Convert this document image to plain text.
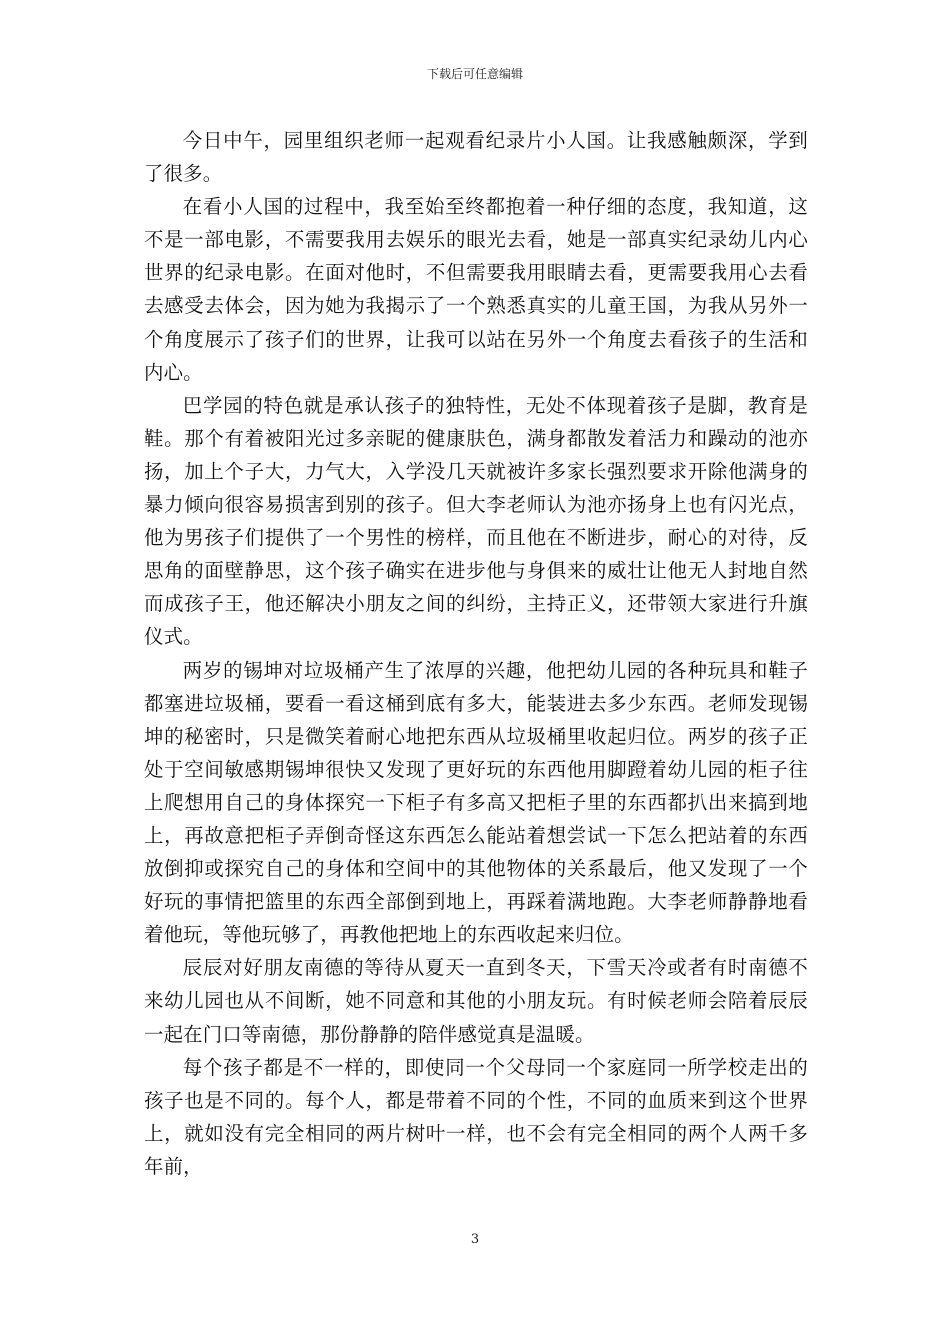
下载后可任意编辑

今日中午，园里组织老师一起观看纪录片小人国。让我感触颇深，学到了很多。

在看小人国的过程中，我至始至终都抱着一种仔细的态度，我知道，这不是一部电影，不需要我用去娱乐的眼光去看，她是一部真实纪录幼儿内心世界的纪录电影。在面对他时，不但需要我用眼睛去看，更需要我用心去看去感受去体会，因为她为我揭示了一个熟悉真实的儿童王国，为我从另外一个角度展示了孩子们的世界，让我可以站在另外一个角度去看孩子的生活和内心。

巴学园的特色就是承认孩子的独特性，无处不体现着孩子是脚，教育是鞋。那个有着被阳光过多亲昵的健康肤色，满身都散发着活力和躁动的池亦扬，加上个子大，力气大，入学没几天就被许多家长强烈要求开除他满身的暴力倾向很容易损害到别的孩子。但大李老师认为池亦扬身上也有闪光点，他为男孩子们提供了一个男性的榜样，而且他在不断进步，耐心的对待，反思角的面壁静思，这个孩子确实在进步他与身俱来的威壮让他无人封地自然而成孩子王，他还解决小朋友之间的纠纷，主持正义，还带领大家进行升旗仪式。

两岁的锡坤对垃圾桶产生了浓厚的兴趣，他把幼儿园的各种玩具和鞋子都塞进垃圾桶，要看一看这桶到底有多大，能装进去多少东西。老师发现锡坤的秘密时，只是微笑着耐心地把东西从垃圾桶里收起归位。两岁的孩子正处于空间敏感期锡坤很快又发现了更好玩的东西他用脚蹬着幼儿园的柜子往上爬想用自己的身体探究一下柜子有多高又把柜子里的东西都扒出来搞到地上，再故意把柜子弄倒奇怪这东西怎么能站着想尝试一下怎么把站着的东西放倒抑或探究自己的身体和空间中的其他物体的关系最后，他又发现了一个好玩的事情把篮里的东西全部倒到地上，再踩着满地跑。大李老师静静地看着他玩，等他玩够了，再教他把地上的东西收起来归位。

辰辰对好朋友南德的等待从夏天一直到冬天，下雪天冷或者有时南德不来幼儿园也从不间断，她不同意和其他的小朋友玩。有时候老师会陪着辰辰一起在门口等南德，那份静静的陪伴感觉真是温暖。

每个孩子都是不一样的，即使同一个父母同一个家庭同一所学校走出的孩子也是不同的。每个人，都是带着不同的个性，不同的血质来到这个世界上，就如没有完全相同的两片树叶一样，也不会有完全相同的两个人两千多年前，

3
